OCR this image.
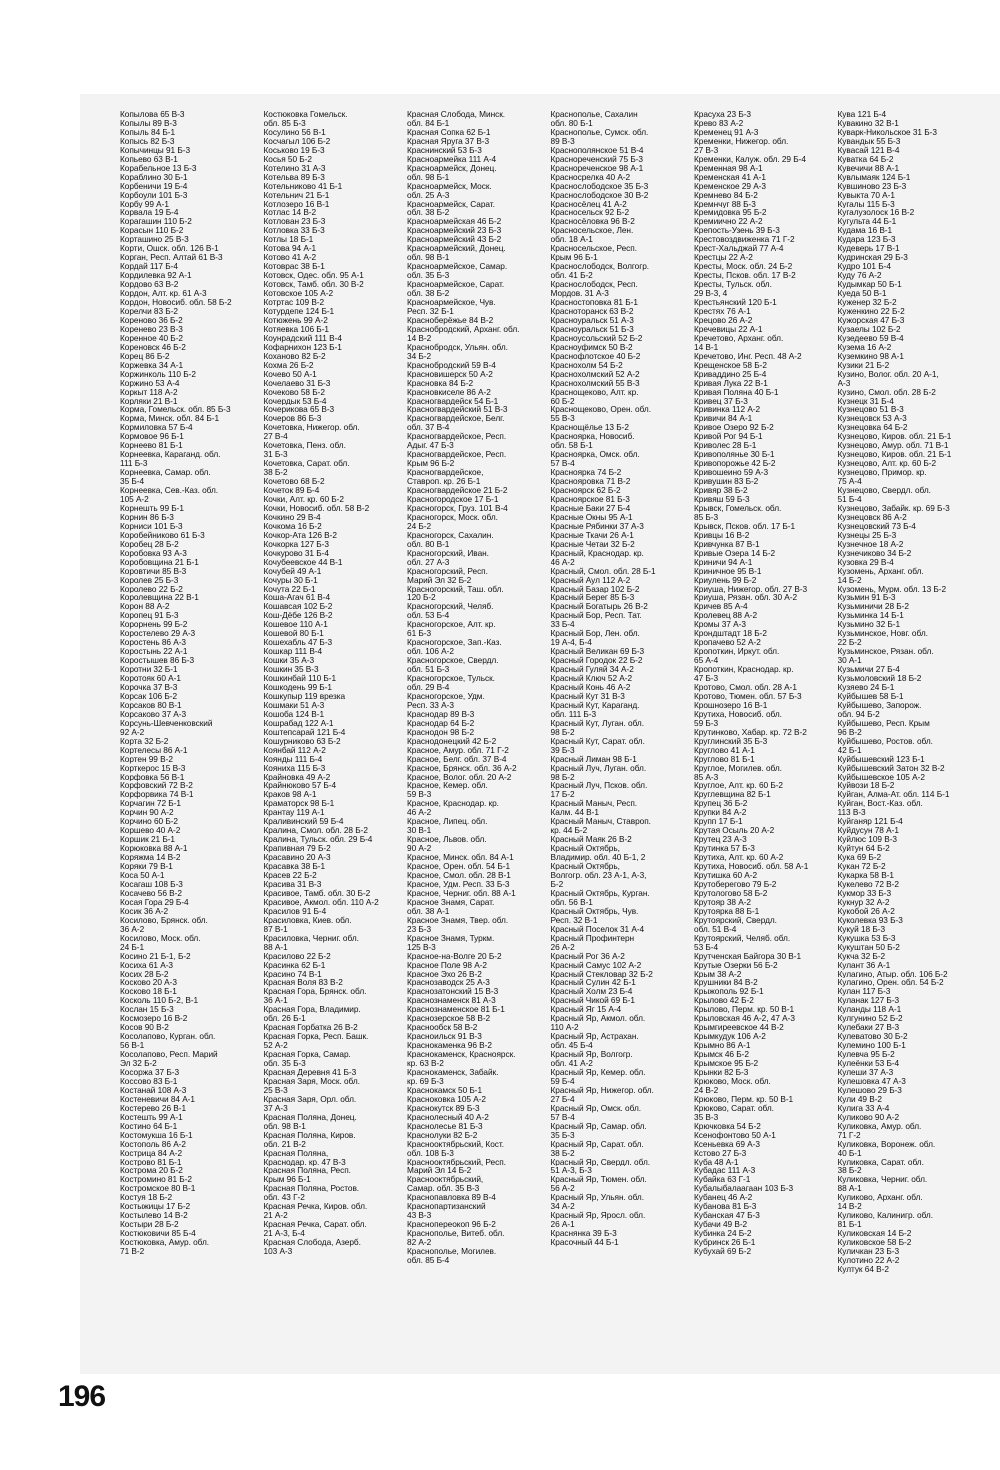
Копылова 65 В-3
Копылы 89 В-3
Копыль 84 Б-1
Копысь 82 Б-3
Копычинцы 91 Б-3
Копьево 63 В-1
Корабельное 13 Б-3
Кораблино 30 Б-1
Корбеничи 19 Б-4
Корбоули 101 Б-3
Корбу 99 А-1
Корвала 19 Б-4
Корагашин 110 Б-2
Корасын 110 Б-2
Корташино 25 В-3
Корти, Ошск. обл. 126 В-1
Корган, Респ. Алтай 61 В-3
Кордай 117 Б-4
Кордилевка 92 А-1
Кордово 63 В-2
Кордон, Алт. кр. 61 А-3
Кордон, Новосиб. обл. 58 Б-2
Корелчи 83 Б-2
Кореново 36 Б-2
Коренево 23 В-3
Коренное 40 Б-2
Кореновск 46 Б-2
Корец 86 Б-2
Коржевка 34 А-1
Коржинколь 110 Б-2
Коржино 53 А-4
Коркыт 118 А-2
Корляки 21 В-1
Корма, Гомельск. обл. 85 Б-3
Корма, Минск. обл. 84 Б-1
Кормиловка 57 Б-4
Кормовое 96 Б-1
Корнеево 81 Б-1
Корнеевка, Караганд. обл.
111 Б-3
Корнеевка, Самар. обл.
35 Б-4
Корнеевка, Сев.-Каз. обл.
105 А-2
Корнешть 99 Б-1
Корнин 86 Б-3
Корниси 101 Б-3
Коробейниково 61 Б-3
Коробец 28 Б-2
Коробовка 93 А-3
Коробовщина 21 Б-1
Коровтичи 85 В-3
Королев 25 Б-3
Королево 22 Б-2
Королевщина 22 В-1
Корон 88 А-2
Коропец 91 Б-3
Корорнень 99 Б-2
Коростелево 29 А-3
Коростень 86 А-3
Коростынь 22 А-1
Коростышев 86 Б-3
Коротни 32 Б-1
Коротояк 60 А-1
Корочка 37 В-3
Корсак 106 Б-2
Корсаков 80 В-1
Корсаково 37 А-3
Корсунь-Шевченковский
92 А-2
Корта 32 Б-2
Кортелесы 86 А-1
Кортен 99 В-2
Корткерос 15 В-3
Корфовка 56 В-1
Корфовский 72 В-2
Корфорвика 74 В-1
Корчагин 72 Б-1
Корчин 90 А-2
Корчино 60 Б-2
Коршево 40 А-2
Коршик 21 Б-1
Корюковка 88 А-1
Коряжма 14 В-2
Коряки 79 В-1
Коса 50 А-1
Косагаш 108 Б-3
Косачево 56 В-2
Косая Гора 29 Б-4
Косик 36 А-2
Косилово, Брянск. обл.
36 А-2
Косилово, Моск. обл.
24 Б-1
Косино 21 Б-1, Б-2
Косиха 61 А-3
Косих 28 Б-2
Косково 20 А-3
Косково 18 Б-1
Косколь 110 Б-2, В-1
Кослан 15 Б-3
Космозеро 16 В-2
Косов 90 В-2
Косолапово, Курган. обл.
56 В-1
Косолапово, Респ. Марий
Эл 32 Б-2
Косоржа 37 Б-3
Коссово 83 Б-1
Костанай 108 А-3
Костеневичи 84 А-1
Костерево 26 В-1
Костешть 99 А-1
Костино 64 Б-1
Костомукша 16 Б-1
Костополь 86 А-2
Кострица 84 А-2
Кострово 81 Б-1
Кострома 20 Б-2
Костромино 81 Б-2
Костромское 80 В-1
Костуя 18 Б-2
Костыжицы 17 Б-2
Костылево 14 В-2
Костыри 28 Б-2
Костюковичи 85 Б-4
Костюковка, Амур. обл.
71 В-2
Костюковка Гомельск.
обл. 85 Б-3
Косулино 56 В-1
Косчагыл 106 Б-2
Коськово 19 Б-3
Косья 50 Б-2
Котелино 31 А-3
Котельва 89 Б-3
Котельниково 41 Б-1
Котельнич 21 Б-1
Котлозеро 16 В-1
Котлас 14 В-2
Котлован 23 Б-3
Котловка 33 Б-3
Котлы 18 Б-1
Котова 94 А-1
Котово 41 А-2
Котоврас 38 Б-1
Котовск, Одес. обл. 95 А-1
Котовск, Тамб. обл. 30 В-2
Котовское 105 А-2
Котртас 109 В-2
Котурдепе 124 Б-1
Котюжень 99 А-2
Котяевка 106 Б-1
Коунрадский 111 В-4
Кофарнихон 123 Б-1
Коханово 82 Б-2
Кохма 26 Б-2
Кочево 50 А-1
Кочелаево 31 Б-3
Кочеково 58 Б-2
Кочердык 53 Б-4
Кочерикова 65 В-3
Кочеров 86 Б-3
Кочетовка, Нижегор. обл.
27 В-4
Кочетовка, Пенз. обл.
31 Б-3
Кочетовка, Сарат. обл.
38 Б-2
Кочетово 68 Б-2
Кочеток 89 Б-4
Кочки, Алт. кр. 60 Б-2
Кочки, Новосиб. обл. 58 В-2
Кочкино 29 В-4
Кочкома 16 Б-2
Кочкор-Ата 126 В-2
Кочкорка 127 Б-3
Кочкурово 31 Б-4
Кочубеевское 44 В-1
Кочубей 49 А-1
Кочуры 30 Б-1
Кочута 22 Б-1
Коша-Агач 61 В-4
Кошавсая 102 Б-2
Кош-Дёбе 126 В-2
Кошевое 110 А-1
Кошевой 80 Б-1
Кошехабль 47 Б-3
Кошкар 111 В-4
Кошки 35 А-3
Кошкин 35 В-3
Кошкинбай 110 Б-1
Кошкодень 99 Б-1
Кошкупыр 119 врезка
Кошмаки 51 А-3
Кошоба 124 В-1
Кошрабад 122 А-1
Коштепсарай 121 Б-4
Кошурниково 63 Б-2
Коянбай 112 А-2
Коянды 111 Б-4
Кояниха 115 Б-3
Крайновка 49 А-2
Крайнюково 57 Б-4
Краков 98 А-1
Краматорск 98 Б-1
Крантау 119 А-1
Краливинский 59 Б-4
Кралина, Смол. обл. 28 Б-2
Кралина, Тульск. обл. 29 Б-4
Крапивная 79 Б-2
Красавино 20 А-3
Красавка 38 Б-1
Красев 22 Б-2
Красива 31 В-3
Красивое, Тамб. обл. 30 Б-2
Красивое, Акмол. обл. 110 А-2
Красилов 91 Б-4
Красиловка, Киев. обл.
87 В-1
Красиловка, Черниг. обл.
88 А-1
Красилово 22 Б-2
Красинка 62 Б-1
Красино 74 В-1
Красная Воля 83 В-2
Красная Гора, Брянск. обл.
36 А-1
Красная Гора, Владимир.
обл. 26 Б-1
Красная Горбатка 26 В-2
Красная Горка, Респ. Башк.
52 А-2
Красная Горка, Самар.
обл. 35 Б-3
Красная Деревня 41 Б-3
Красная Заря, Моск. обл.
25 В-3
Красная Заря, Орл. обл.
37 А-3
Красная Поляна, Донец.
обл. 98 В-1
Красная Поляна, Киров.
обл. 21 В-2
Красная Поляна,
Краснодар. кр. 47 В-3
Красная Поляна, Респ.
Крым 96 Б-1
Красная Поляна, Ростов.
обл. 43 Г-2
Красная Речка, Киров. обл.
21 А-2
Красная Речка, Сарат. обл.
21 А-3, Б-4
Красная Слобода, Азерб.
103 А-3
Красная Слобода, Минск.
обл. 84 Б-1
Красная Сопка 62 Б-1
Красная Яруга 37 В-3
Краснинский 53 Б-3
Красноармейка 111 А-4
Красноармейск, Донец.
обл. 98 Б-1
Красноармейск, Моск.
обл. 25 А-3
Красноармейск, Сарат.
обл. 38 Б-2
Красноармейская 46 Б-2
Красноармейский 23 Б-3
Красноармейский 43 Б-2
Красноармейский, Донец.
обл. 98 В-1
Красноармейское, Самар.
обл. 35 Б-3
Красноармейское, Сарат.
обл. 38 Б-2
Красноармейское, Чув.
Респ. 32 Б-1
Красноберёжье 84 В-2
Краснобродский, Арханг. обл.
14 В-2
Краснобродск, Ульян. обл.
34 Б-2
Краснобродский 59 В-4
Красновишерск 50 А-2
Красновка 84 Б-2
Красновкиселе 86 А-2
Красногвардейск 54 Б-1
Красногвардейский 51 В-3
Красногвардейское, Белг.
обл. 37 В-4
Красногвардейское, Респ.
Адыг. 47 Б-3
Красногвардейское, Респ.
Крым 96 Б-2
Красногвардейское,
Ставроп. кр. 26 Б-1
Красногвардейское 21 Б-2
Красногородское 17 Б-1
Красногорск, Груз. 101 В-4
Красногорск, Моск. обл.
24 Б-2
Красногорск, Сахалин.
обл. 80 В-1
Красногорский, Иван.
обл. 27 А-3
Красногорский, Респ.
Марий Эл 32 Б-2
Красногорский, Таш. обл.
120 Б-2
Красногорский, Челяб.
обл. 53 Б-4
Красногорское, Алт. кр.
61 Б-3
Красногорское, Зап.-Каз.
обл. 106 А-2
Красногорское, Свердл.
обл. 51 Б-3
Красногорское, Тульск.
обл. 29 В-4
Красногорское, Удм.
Респ. 33 А-3
Краснодар 89 В-3
Краснодар 64 Б-2
Краснодон 98 Б-2
Краснодонецкий 42 Б-2
Красное, Амур. обл. 71 Г-2
Красное, Белг. обл. 37 В-4
Красное, Брянск. обл. 36 А-2
Красное, Волог. обл. 20 А-2
Красное, Кемер. обл.
59 В-3
Красное, Краснодар. кр.
46 А-2
Красное, Липец. обл.
30 В-1
Красное, Львов. обл.
90 А-2
Красное, Минск. обл. 84 А-1
Красное, Орен. обл. 54 Б-1
Красное, Смол. обл. 28 В-1
Красное, Удм. Респ. 33 Б-3
Красное, Черниг. обл. 88 А-1
Красное Знамя, Сарат.
обл. 38 А-1
Красное Знамя, Твер. обл.
23 Б-3
Красное Знамя, Туркм.
125 В-3
Красное-на-Волге 20 Б-2
Красное Поле 98 А-2
Красное Эхо 26 В-2
Краснозаводск 25 А-3
Краснозатонский 15 В-3
Краснознаменск 81 А-3
Краснознаменское 81 Б-1
Краснозерское 58 В-2
Краснообск 58 В-2
Красноильск 91 В-3
Краснокаменка 96 В-2
Краснокаменск, Красноярск.
кр. 63 В-2
Краснокаменск, Забайк.
кр. 69 Б-3
Краснокамск 50 Б-1
Красноковка 105 А-2
Краснокутск 89 Б-3
Краснолесный 40 А-2
Краснолесье 81 Б-3
Краснолуки 82 Б-2
Краснооктябрьский, Кост.
обл. 108 Б-3
Краснооктябрьский, Респ.
Марий Эл 14 Б-2
Краснооктябрьский,
Самар. обл. 35 В-3
Краснопавловка 89 В-4
Краснопартизанский
43 В-3
Краснопереокоп 96 Б-2
Краснополье, Витеб. обл.
82 А-2
Краснополье, Могилев.
обл. 85 Б-4
Краснополье, Сахалин
обл. 80 Б-1
Краснополье, Сумск. обл.
89 В-3
Краснополянское 51 В-4
Краснореченский 75 Б-3
Краснореченское 98 А-1
Красносрелка 40 А-2
Краснослободское 35 Б-3
Краснослободское 30 В-2
Красносёлец 41 А-2
Красносельск 92 Б-2
Красносёловка 96 В-2
Красносельское, Лен.
обл. 18 А-1
Красносельское, Респ.
Крым 96 Б-1
Краснослободск, Волгогр.
обл. 41 Б-2
Краснослободск, Респ.
Мордов. 31 А-3
Красностоповка 81 Б-1
Красноторанск 63 В-2
Красноуральск 51 А-3
Красноуральск 51 Б-3
Красноусольский 52 Б-2
Красноуфимск 50 В-2
Краснофлотское 40 Б-2
Краснохолм 54 Б-2
Краснохолмский 52 А-2
Краснохолмский 55 В-3
Краснощеково, Алт. кр.
60 Б-2
Краснощеково, Орен. обл.
55 В-3
Краснощёлье 13 Б-2
Красноярка, Новосиб.
обл. 58 Б-1
Красноярка, Омск. обл.
57 В-4
Красноярка 74 Б-2
Краснояровка 71 В-2
Красноярск 62 Б-2
Красноярское 81 Б-3
Красные Баки 27 Б-4
Красные Окны 95 А-1
Красные Рябинки 37 А-3
Красные Ткачи 26 А-1
Красные Четаи 32 Б-2
Красный, Краснодар. кр.
46 А-2
Красный, Смол. обл. 28 Б-1
Красный Аул 112 А-2
Красный Базар 102 Б-2
Красный Берег 85 Б-3
Красный Богатырь 26 В-2
Красный Бор, Респ. Тат.
33 Б-4
Красный Бор, Лен. обл.
19 А-4, Б-4
Красный Великан 69 Б-3
Красный Городок 22 Б-2
Красный Гуляй 34 А-2
Красный Ключ 52 А-2
Красный Конь 46 А-2
Красный Кут 31 В-3
Красный Кут, Караганд.
обл. 111 Б-3
Красный Кут, Луган. обл.
98 Б-2
Красный Кут, Сарат. обл.
39 Б-3
Красный Лиман 98 Б-1
Красный Луч, Луган. обл.
98 Б-2
Красный Луч, Псков. обл.
17 Б-2
Красный Маныч, Респ.
Калм. 44 В-1
Красный Маныч, Ставроп.
кр. 44 Б-2
Красный Маяк 26 В-2
Красный Октябрь,
Владимир. обл. 40 Б-1, 2
Красный Октябрь,
Волгогр. обл. 23 А-1, А-3,
Б-2
Красный Октябрь, Курган.
обл. 56 В-1
Красный Октябрь, Чув.
Респ. 32 В-1
Красный Поселок 31 А-4
Красный Профинтерн
26 А-2
Красный Рог 36 А-2
Красный Самус 102 А-2
Красный Стекловар 32 Б-2
Красный Сулин 42 Б-1
Красный Холм 23 Б-4
Красный Чикой 69 Б-1
Красный Яг 15 А-4
Красный Яр, Акмол. обл.
110 А-2
Красный Яр, Астрахан.
обл. 45 Б-4
Красный Яр, Волгогр.
обл. 41 А-2
Красный Яр, Кемер. обл.
59 Б-4
Красный Яр, Нижегор. обл.
27 Б-4
Красный Яр, Омск. обл.
57 В-4
Красный Яр, Самар. обл.
35 Б-3
Красный Яр, Сарат. обл.
38 Б-2
Красный Яр, Свердл. обл.
51 А-3, Б-3
Красный Яр, Тюмен. обл.
56 А-2
Красный Яр, Ульян. обл.
34 А-2
Красный Яр, Яросл. обл.
26 А-1
Краснянка 39 Б-3
Красочный 44 Б-1
Красуха 23 Б-3
Крево 83 А-2
Кременец 91 А-3
Кременки, Нижегор. обл.
27 В-3
Кременки, Калуж. обл. 29 Б-4
Кременная 98 А-1
Кременская 41 А-1
Кременское 29 А-3
Кремнево 84 Б-2
Кремнчуг 88 Б-3
Кремидовка 95 Б-2
Кремиично 22 А-2
Крепость-Узень 39 Б-3
Крестовоздвиженка 71 Г-2
Крест-Хальджай 77 А-4
Крестцы 22 А-2
Кресты, Моск. обл. 24 Б-2
Кресты, Псков. обл. 17 В-2
Кресты, Тульск. обл.
29 В-3, 4
Крестьянский 120 Б-1
Крестях 76 А-1
Крецово 26 А-2
Кречевицы 22 А-1
Кречетово, Арханг. обл.
14 В-1
Кречетово, Инг. Респ. 48 А-2
Крещенское 58 Б-2
Криваддино 25 Б-4
Кривая Лука 22 В-1
Кривая Поляна 40 Б-1
Кривец 37 Б-3
Кривинка 112 А-2
Кривичи 84 А-1
Кривое Озеро 92 Б-2
Кривой Рог 94 Б-1
Криволес 28 Б-1
Кривополянье 30 Б-1
Кривопорожье 42 Б-2
Кривошеино 59 А-3
Кривушин 83 Б-2
Кривяр 38 Б-2
Кривяш 59 Б-3
Крывск, Гомельск. обл.
85 Б-3
Крывск, Псков. обл. 17 Б-1
Кривцы 16 В-2
Кривчунка 87 В-1
Кривые Озера 14 Б-2
Криничи 94 А-1
Криничное 95 В-1
Криулень 99 Б-2
Криуша, Нижегор. обл. 27 В-3
Криуша, Рязан. обл. 30 А-2
Кричев 85 А-4
Кролевец 88 А-2
Кромы 37 А-3
Крондштадт 18 Б-2
Кропачево 52 А-2
Кропоткин, Иркут. обл.
65 А-4
Кропоткин, Краснодар. кр.
47 Б-3
Кротово, Смол. обл. 28 А-1
Кротово, Тюмен. обл. 57 Б-3
Крошнозеро 16 В-1
Крутиха, Новосиб. обл.
59 Б-3
Крутинково, Хабар. кр. 72 В-2
Круглинский 35 Б-3
Круглово 41 А-1
Круглово 81 Б-1
Круглое, Могилев. обл.
85 А-3
Круглое, Алт. кр. 60 Б-2
Круглевщина 82 Б-1
Крупец 36 Б-2
Крупки 84 А-2
Крупп 17 Б-1
Крутая Осыль 20 А-2
Крутец 23 А-3
Крутинка 57 Б-3
Крутиха, Алт. кр. 60 А-2
Крутиха, Новосиб. обл. 58 А-1
Крутишка 60 А-2
Крутоберегово 79 Б-2
Крутологово 58 Б-2
Крутояр 38 А-2
Крутоярка 88 Б-1
Крутоярский, Свердл.
обл. 51 В-4
Крутоярский, Челяб. обл.
53 Б-4
Крутченская Байгора 30 В-1
Крутые Озерки 56 Б-2
Крым 38 А-2
Крушники 84 В-2
Крыжополь 92 Б-1
Крылово 42 Б-2
Крылово, Перм. кр. 50 В-1
Крыловская 46 А-2, 47 А-3
Крымгиреевское 44 В-2
Крымкудук 106 А-2
Крымно 86 А-1
Крымск 46 Б-2
Крымское 95 Б-2
Крынки 82 Б-3
Крюково, Моск. обл.
24 В-2
Крюково, Перм. кр. 50 В-1
Крюково, Сарат. обл.
35 В-3
Крючковка 54 Б-2
Ксенофонтово 50 А-1
Ксеньевка 69 А-3
Кстово 27 Б-3
Куба 48 А-1
Кубадас 111 А-3
Кубайка 63 Г-1
Кубалыбалаагаан 103 Б-3
Кубанец 46 А-2
Кубанова 81 Б-3
Кубанская 47 Б-3
Кубачи 49 В-2
Кубинка 24 Б-2
Кубринск 26 Б-1
Кубухай 69 Б-2
Кува 121 Б-4
Кувакино 32 В-1
Куварк-Никольское 31 Б-3
Кувандык 55 Б-3
Кувасай 121 В-4
Куватка 64 Б-2
Кувечичи 88 А-1
Кувлымаяк 124 Б-1
Кувшиново 23 Б-3
Кувыкта 70 А-1
Кугалы 115 Б-3
Кугалузолоск 16 В-2
Кугульта 44 Б-1
Кудама 16 В-1
Кудара 123 Б-3
Кудеверь 17 В-1
Кудринская 29 Б-3
Кудро 101 Б-4
Куду 76 А-2
Кудымкар 50 Б-1
Куеда 50 В-1
Куженер 32 Б-2
Куженкино 22 Б-2
Кужорская 47 Б-3
Кузаелы 102 Б-2
Кузедеево 59 В-4
Кузема 16 А-2
Куземкино 98 А-1
Кузики 21 Б-2
Кузино, Волог. обл. 20 А-1,
А-3
Кузино, Смол. обл. 28 Б-2
Кузнецк 31 Б-4
Кузнецово 51 В-3
Кузнецовск 53 А-3
Кузнецовка 64 Б-2
Кузнецово, Киров. обл. 21 Б-1
Кузнецово, Амур. обл. 71 В-1
Кузнецово, Киров. обл. 21 Б-1
Кузнецово, Алт. кр. 60 Б-2
Кузнецово, Примор. кр.
75 А-4
Кузнецово, Свердл. обл.
51 Б-4
Кузнецово, Забайк. кр. 69 Б-3
Кузнецовск 86 А-2
Кузнецовский 73 Б-4
Кузнецы 25 Б-3
Кузнечное 18 А-2
Кузнечиково 34 Б-2
Кузовка 29 В-4
Кузомень, Арханг. обл.
14 Б-2
Кузомень, Мурм. обл. 13 Б-2
Кузьмин 91 Б-3
Кузьминичи 28 Б-2
Кузьминка 14 Б-1
Кузьмино 32 Б-1
Кузьминское, Новг. обл.
22 Б-2
Кузьминское, Рязан. обл.
30 А-1
Кузьмичи 27 Б-4
Кузьмоловский 18 Б-2
Кузяево 24 Б-1
Куйбышев 58 Б-1
Куйбышево, Запорож.
обл. 94 Б-2
Куйбышево, Респ. Крым
96 В-2
Куйбышево, Ростов. обл.
42 Б-1
Куйбышевский 123 Б-1
Куйбышевский Затон 32 В-2
Куйбышевское 105 А-2
Куйвози 18 Б-2
Куйган, Алма-Ат. обл. 114 Б-1
Куйган, Вост.-Каз. обл.
113 В-3
Куйганяр 121 Б-4
Куйдусун 78 А-1
Куйлюс 109 В-3
Куйтун 64 Б-2
Кука 69 Б-2
Кукан 72 Б-2
Кукарка 58 В-1
Кукелево 72 В-2
Кукмор 33 Б-3
Кукнур 32 А-2
Кукобой 26 А-2
Куколевка 93 Б-3
Кукуй 18 Б-3
Кукушка 53 Б-3
Кукуштан 50 Б-2
Кукча 32 Б-2
Кулант 36 А-1
Кулагино, Атыр. обл. 106 Б-2
Кулагино, Орен. обл. 54 Б-2
Кулан 117 Б-3
Куланак 127 Б-3
Куланды 118 А-1
Кулгунино 52 Б-2
Кулебаки 27 В-3
Кулеватово 30 Б-2
Кулемино 100 Б-1
Кулевча 95 Б-2
Кулеёнки 53 Б-4
Кулеши 37 А-3
Кулешовка 47 А-3
Кулешово 29 Б-3
Кули 49 В-2
Кулига 33 А-4
Куликово 90 А-2
Куликовка, Амур. обл.
71 Г-2
Куликовка, Воронеж. обл.
40 Б-1
Куликовка, Сарат. обл.
38 Б-2
Куликовка, Черниг. обл.
88 А-1
Куликово, Арханг. обл.
14 В-2
Куликово, Калинигр. обл.
81 Б-1
Куликовская 14 Б-2
Куликовское 58 Б-2
Куличкан 23 Б-3
Кулотино 22 А-2
Култук 64 В-2
196
